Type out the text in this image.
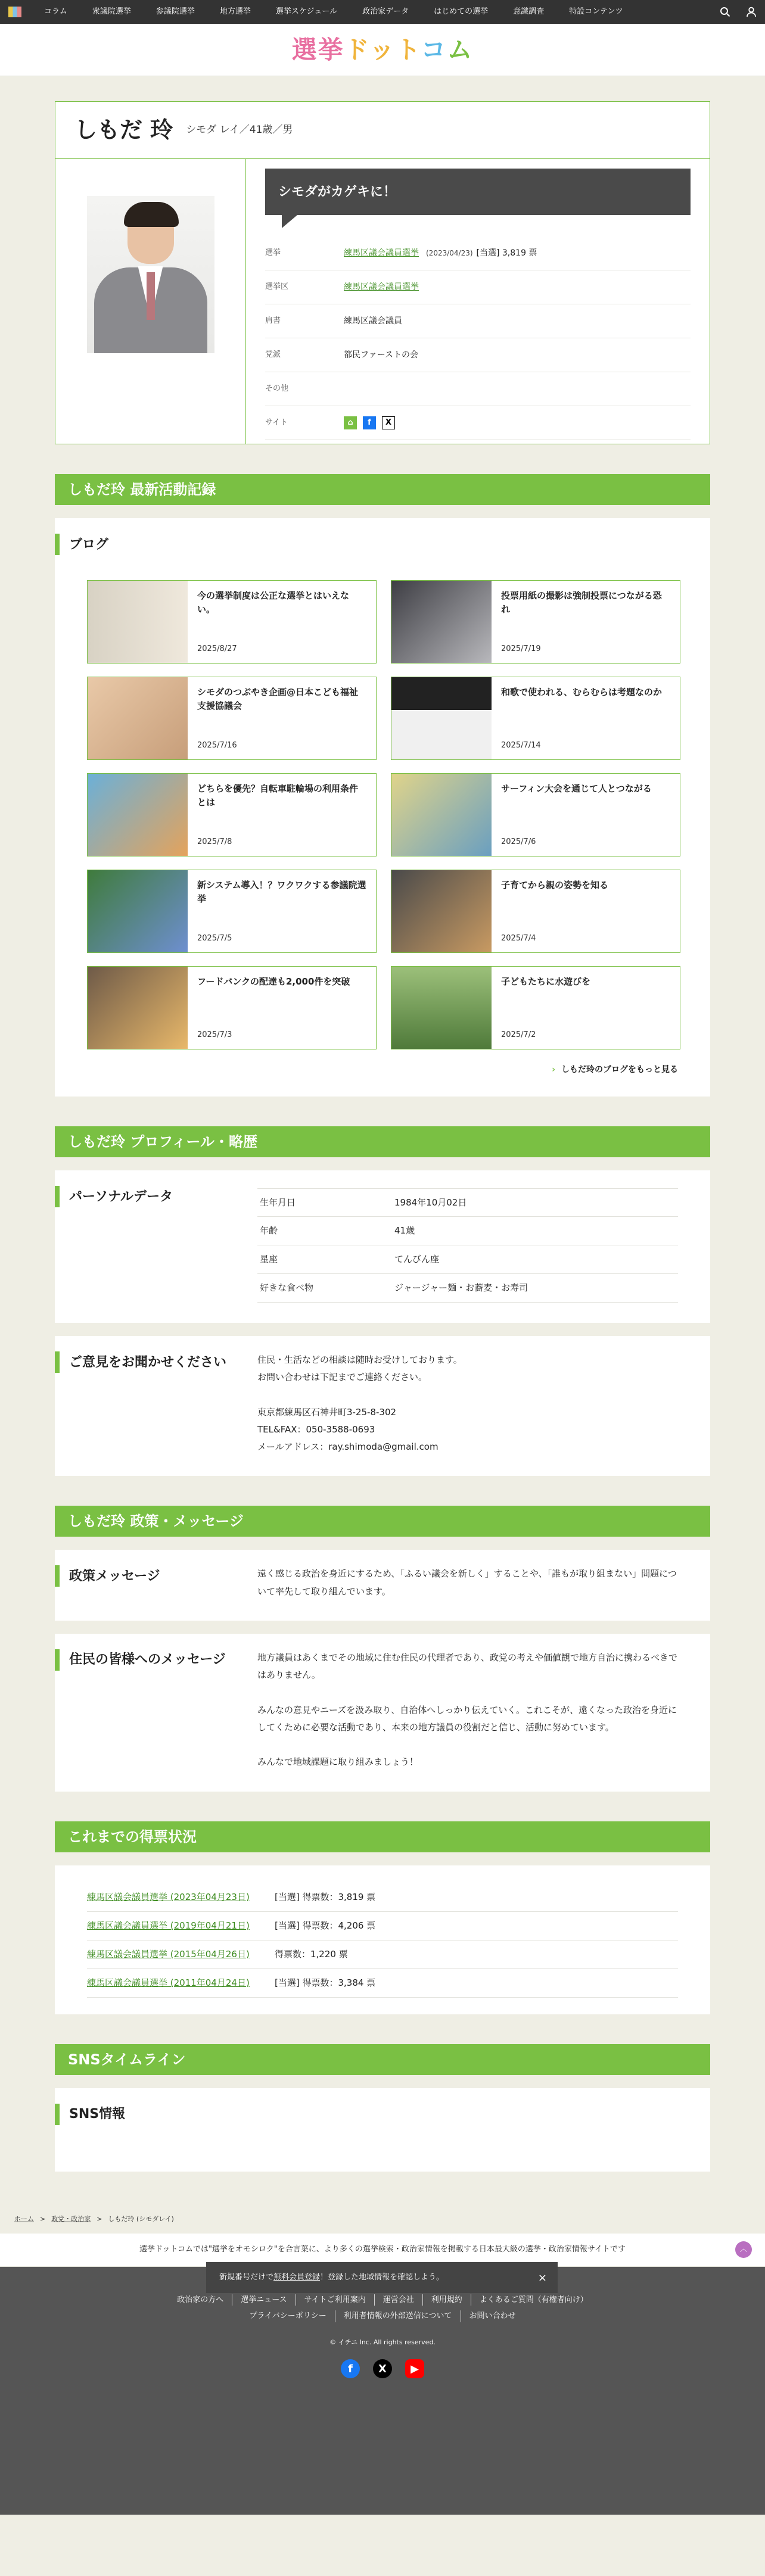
コラム	衆議院選挙	参議院選挙	地方選挙	選挙スケジュール	政治家データ	はじめての選挙	意識調査	特設コンテンツ
選挙ドットコム
しもだ 玲 シモダ レイ／41歳／男
シモダがカゲキに！
選挙	練馬区議会議員選挙 (2023/04/23) [当選] 3,819 票
選挙区	練馬区議会議員選挙
肩書	練馬区議会議員
党派	都民ファーストの会
その他
サイト	⌂	f	X
しもだ玲 最新活動記録
ブログ
今の選挙制度は公正な選挙とはいえない。
2025/8/27
投票用紙の撮影は強制投票につながる恐れ
2025/7/19
シモダのつぶやき企画@日本こども福祉支援協議会
2025/7/16
和歌で使われる、むらむらは考題なのか
2025/7/14
どちらを優先？自転車駐輪場の利用条件とは
2025/7/8
サーフィン大会を通じて人とつながる
2025/7/6
新システム導入！？ワクワクする参議院選挙
2025/7/5
子育てから親の姿勢を知る
2025/7/4
フードバンクの配達も2,000件を突破
2025/7/3
子どもたちに水遊びを
2025/7/2
› しもだ玲のブログをもっと見る
しもだ玲 プロフィール・略歴
パーソナルデータ	生年月日	1984年10月02日
年齢	41歳
星座	てんびん座
好きな食べ物	ジャージャー麺・お蕎麦・お寿司
ご意見をお聞かせください	住民・生活などの相談は随時お受けしております。
お問い合わせは下記までご連絡ください。
東京都練馬区石神井町3-25-8-302
TEL&FAX：050-3588-0693
メールアドレス：ray.shimoda@gmail.com
しもだ玲 政策・メッセージ
政策メッセージ	遠く感じる政治を身近にするため、「ふるい議会を新しく」することや、「誰もが取り組まない」問題について率先して取り組んでいます。
住民の皆様へのメッセージ	地方議員はあくまでその地域に住む住民の代理者であり、政党の考えや価値観で地方自治に携わるべきではありません。

みんなの意見やニーズを汲み取り、自治体へしっかり伝えていく。これこそが、遠くなった政治を身近にしてくために必要な活動であり、本来の地方議員の役割だと信じ、活動に努めています。

みんなで地域課題に取り組みましょう！

これまでの得票状況
練馬区議会議員選挙 (2023年04月23日)	[当選] 得票数：3,819 票
練馬区議会議員選挙 (2019年04月21日)	[当選] 得票数：4,206 票
練馬区議会議員選挙 (2015年04月26日)	得票数：1,220 票
練馬区議会議員選挙 (2011年04月24日)	[当選] 得票数：3,384 票
SNSタイムライン
SNS情報
ホーム > 政党・政治家 > しもだ玲 (シモダレイ)
選挙ドットコムでは"選挙をオモシロク"を合言葉に、より多くの選挙検索・政治家情報を掲載する日本最大級の選挙・政治家情報サイトです	︿
政治家の方へ	選挙ニュース	サイトご利用案内	運営会社	利用規約	よくあるご質問（有権者向け）
プライバシーポリシー	利用者情報の外部送信について	お問い合わせ
© イチニ Inc. All rights reserved.
f	X	▶
新規番号だけで 無料会員登録 ！登録した地域情報を確認しよう。	×
